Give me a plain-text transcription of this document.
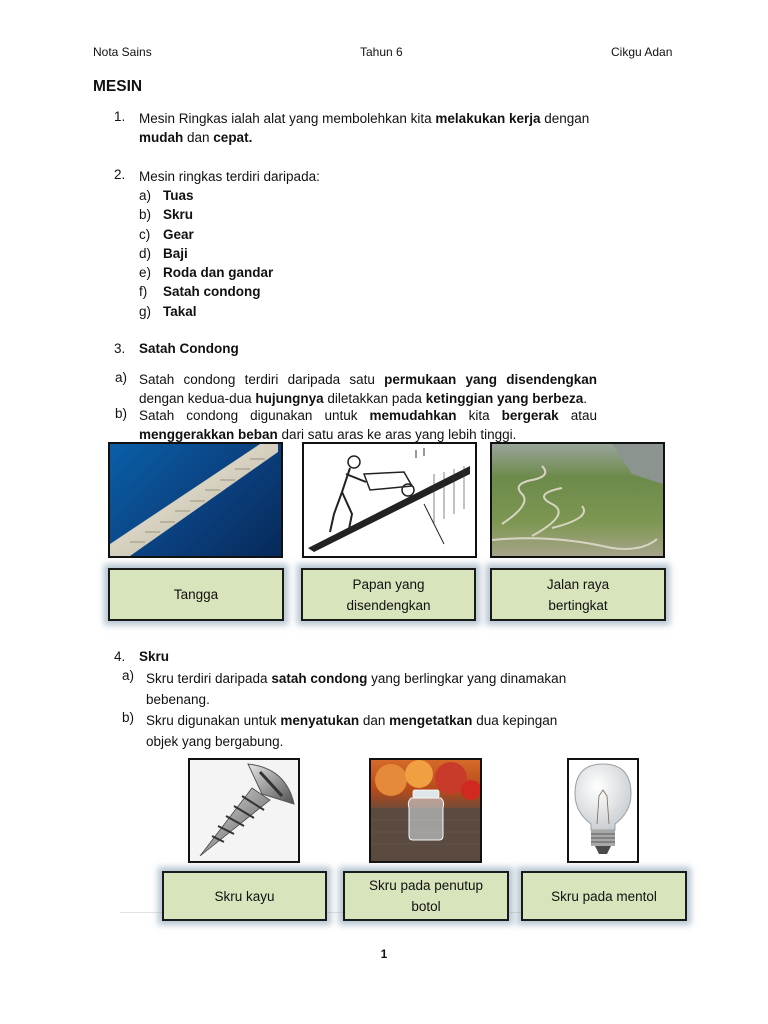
Nota Sains	Tahun 6	Cikgu Adan
MESIN
1. Mesin Ringkas ialah alat yang membolehkan kita melakukan kerja dengan mudah dan cepat.
2. Mesin ringkas terdiri daripada:
a) Tuas
b) Skru
c) Gear
d) Baji
e) Roda dan gandar
f) Satah condong
g) Takal
3. Satah Condong
a) Satah condong terdiri daripada satu permukaan yang disendengkan dengan kedua-dua hujungnya diletakkan pada ketinggian yang berbeza.
b) Satah condong digunakan untuk memudahkan kita bergerak atau menggerakkan beban dari satu aras ke aras yang lebih tinggi.
Tangga
Papan yang disendengkan
Jalan raya bertingkat
4. Skru
a) Skru terdiri daripada satah condong yang berlingkar yang dinamakan bebenang.
b) Skru digunakan untuk menyatukan dan mengetatkan dua kepingan objek yang bergabung.
Skru kayu
Skru pada penutup botol
Skru pada mentol
1
